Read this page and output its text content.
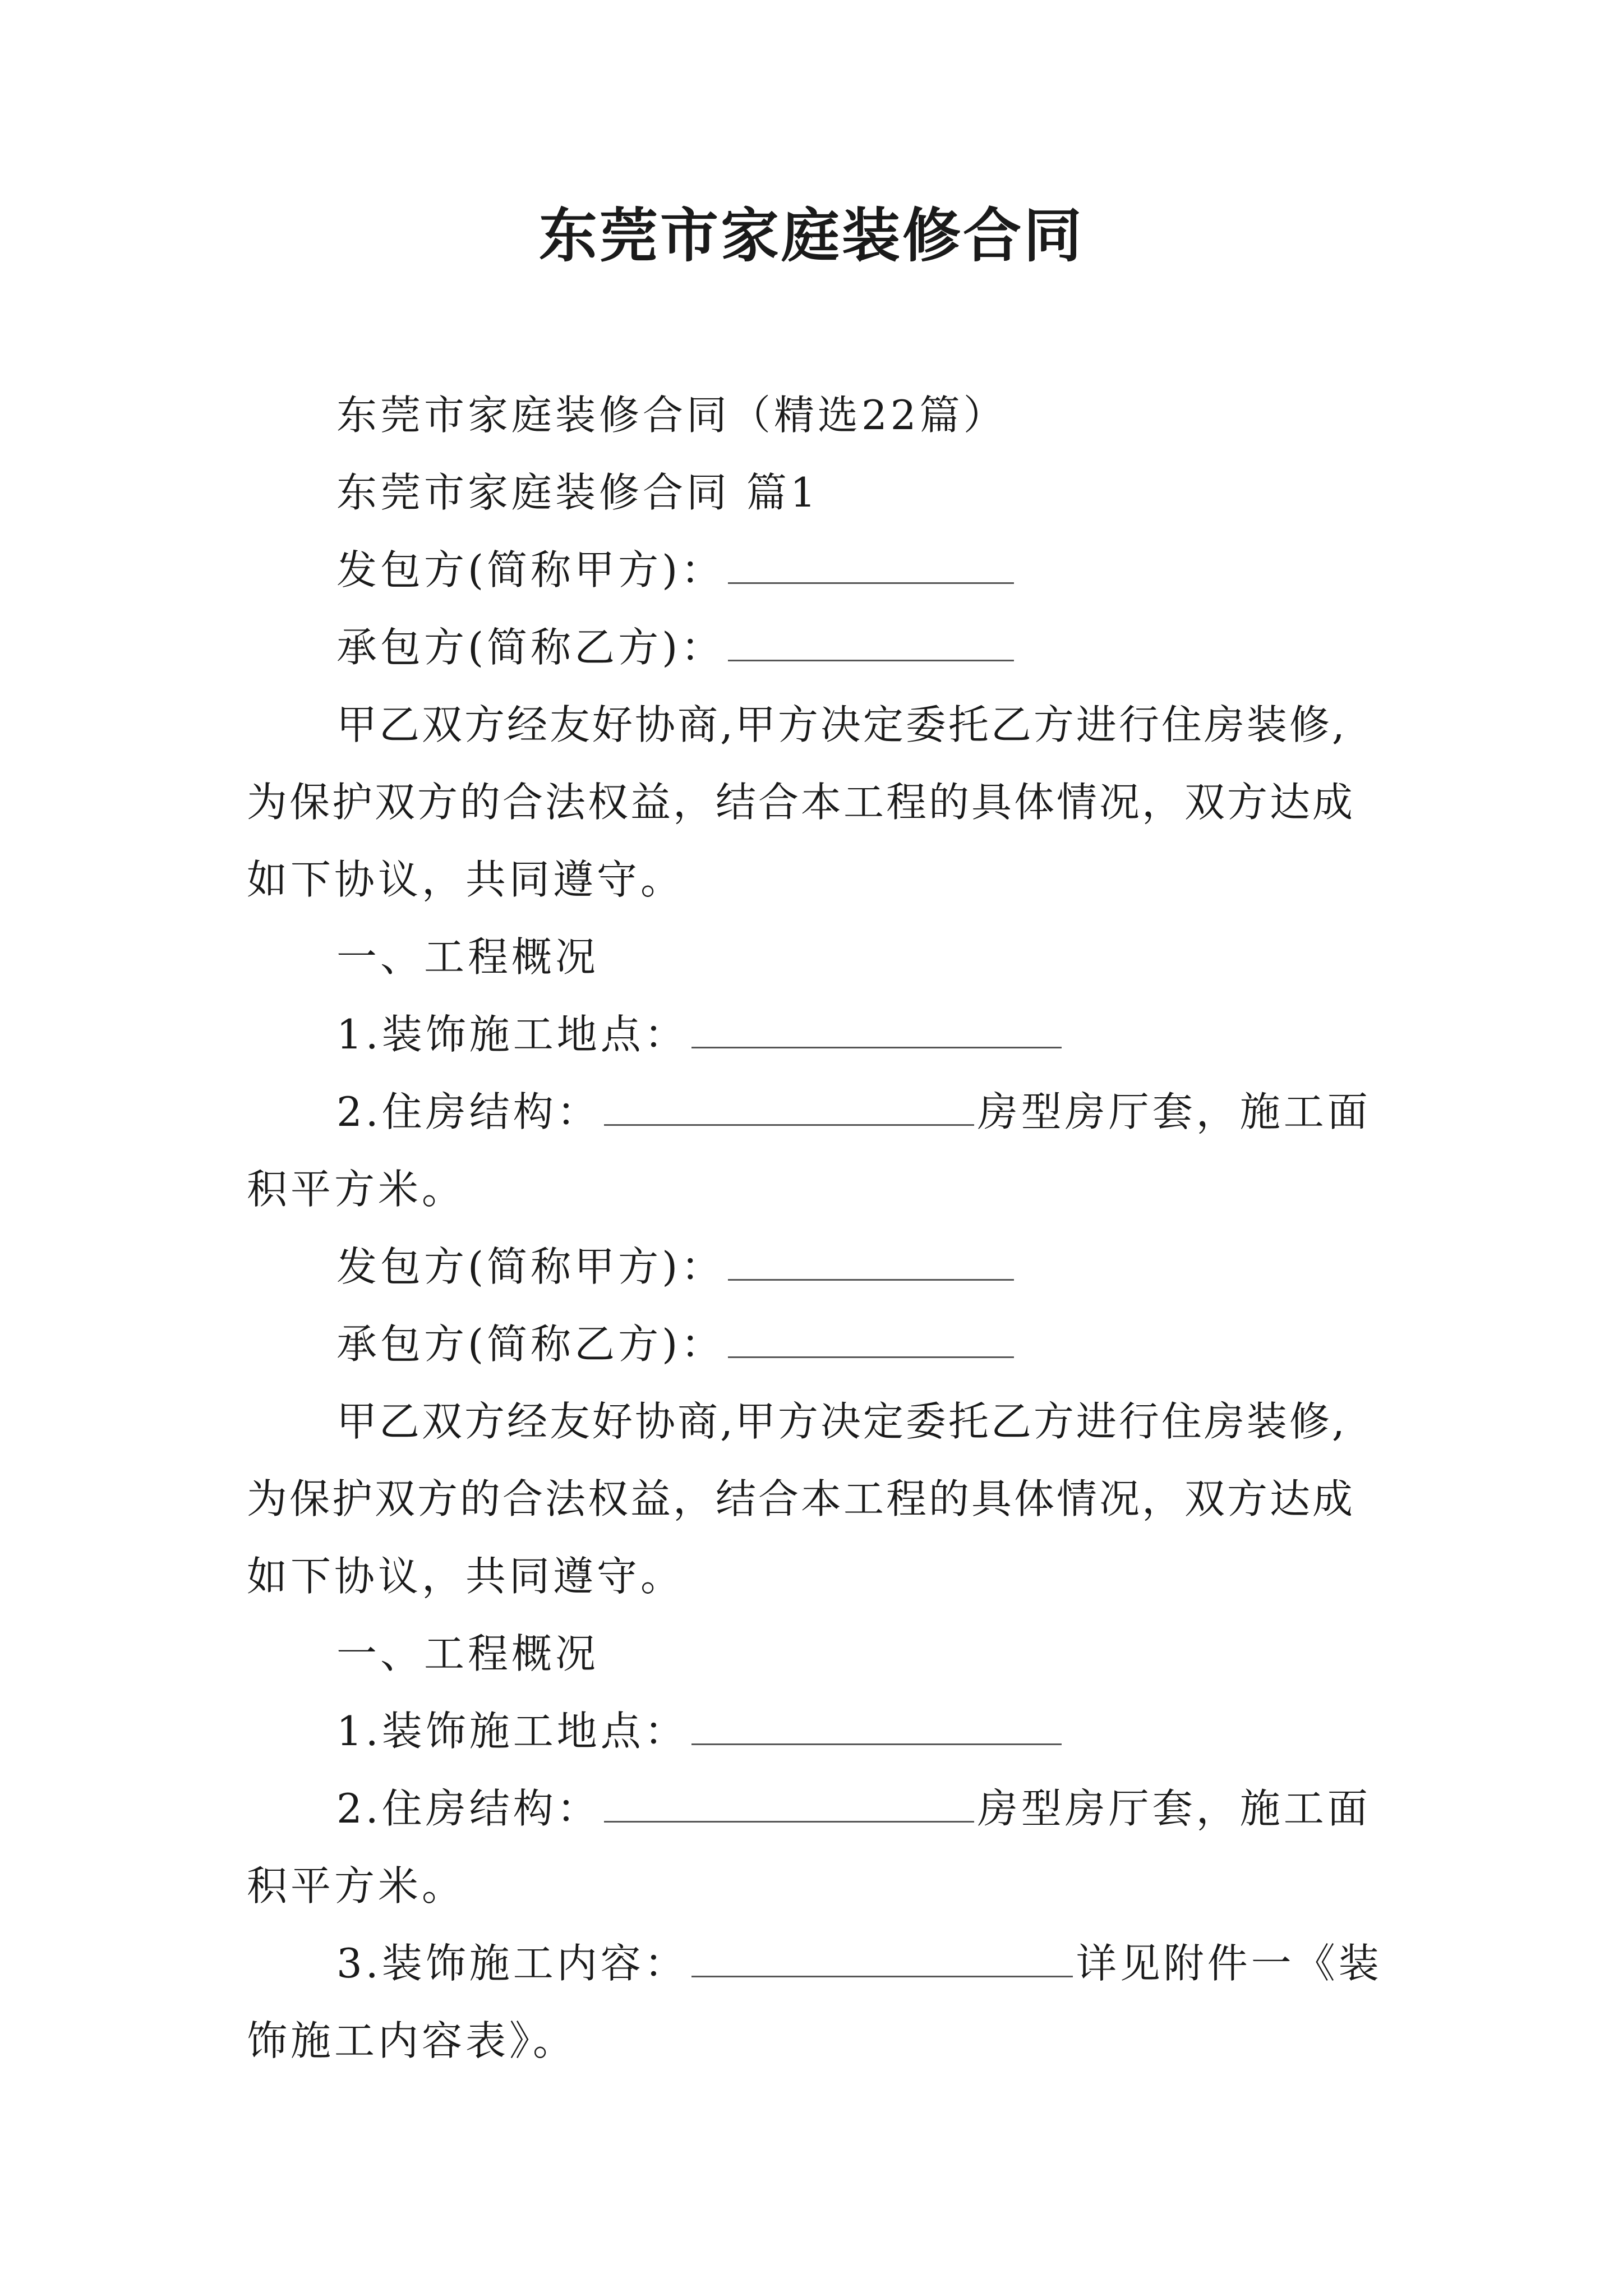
东莞市家庭装修合同
东莞市家庭装修合同（精选22篇）
东莞市家庭装修合同 篇1
发包方(简称甲方)：
承包方(简称乙方)：
甲乙双方经友好协商,甲方决定委托乙方进行住房装修,
为保护双方的合法权益，结合本工程的具体情况，双方达成
如下协议，共同遵守。
一、工程概况
1.装饰施工地点：
2.住房结构：	房型房厅套，施工面
积平方米。
发包方(简称甲方)：
承包方(简称乙方)：
甲乙双方经友好协商,甲方决定委托乙方进行住房装修,
为保护双方的合法权益，结合本工程的具体情况，双方达成
如下协议，共同遵守。
一、工程概况
1.装饰施工地点：
2.住房结构：	房型房厅套，施工面
积平方米。
3.装饰施工内容：	详见附件一《装
饰施工内容表》。
